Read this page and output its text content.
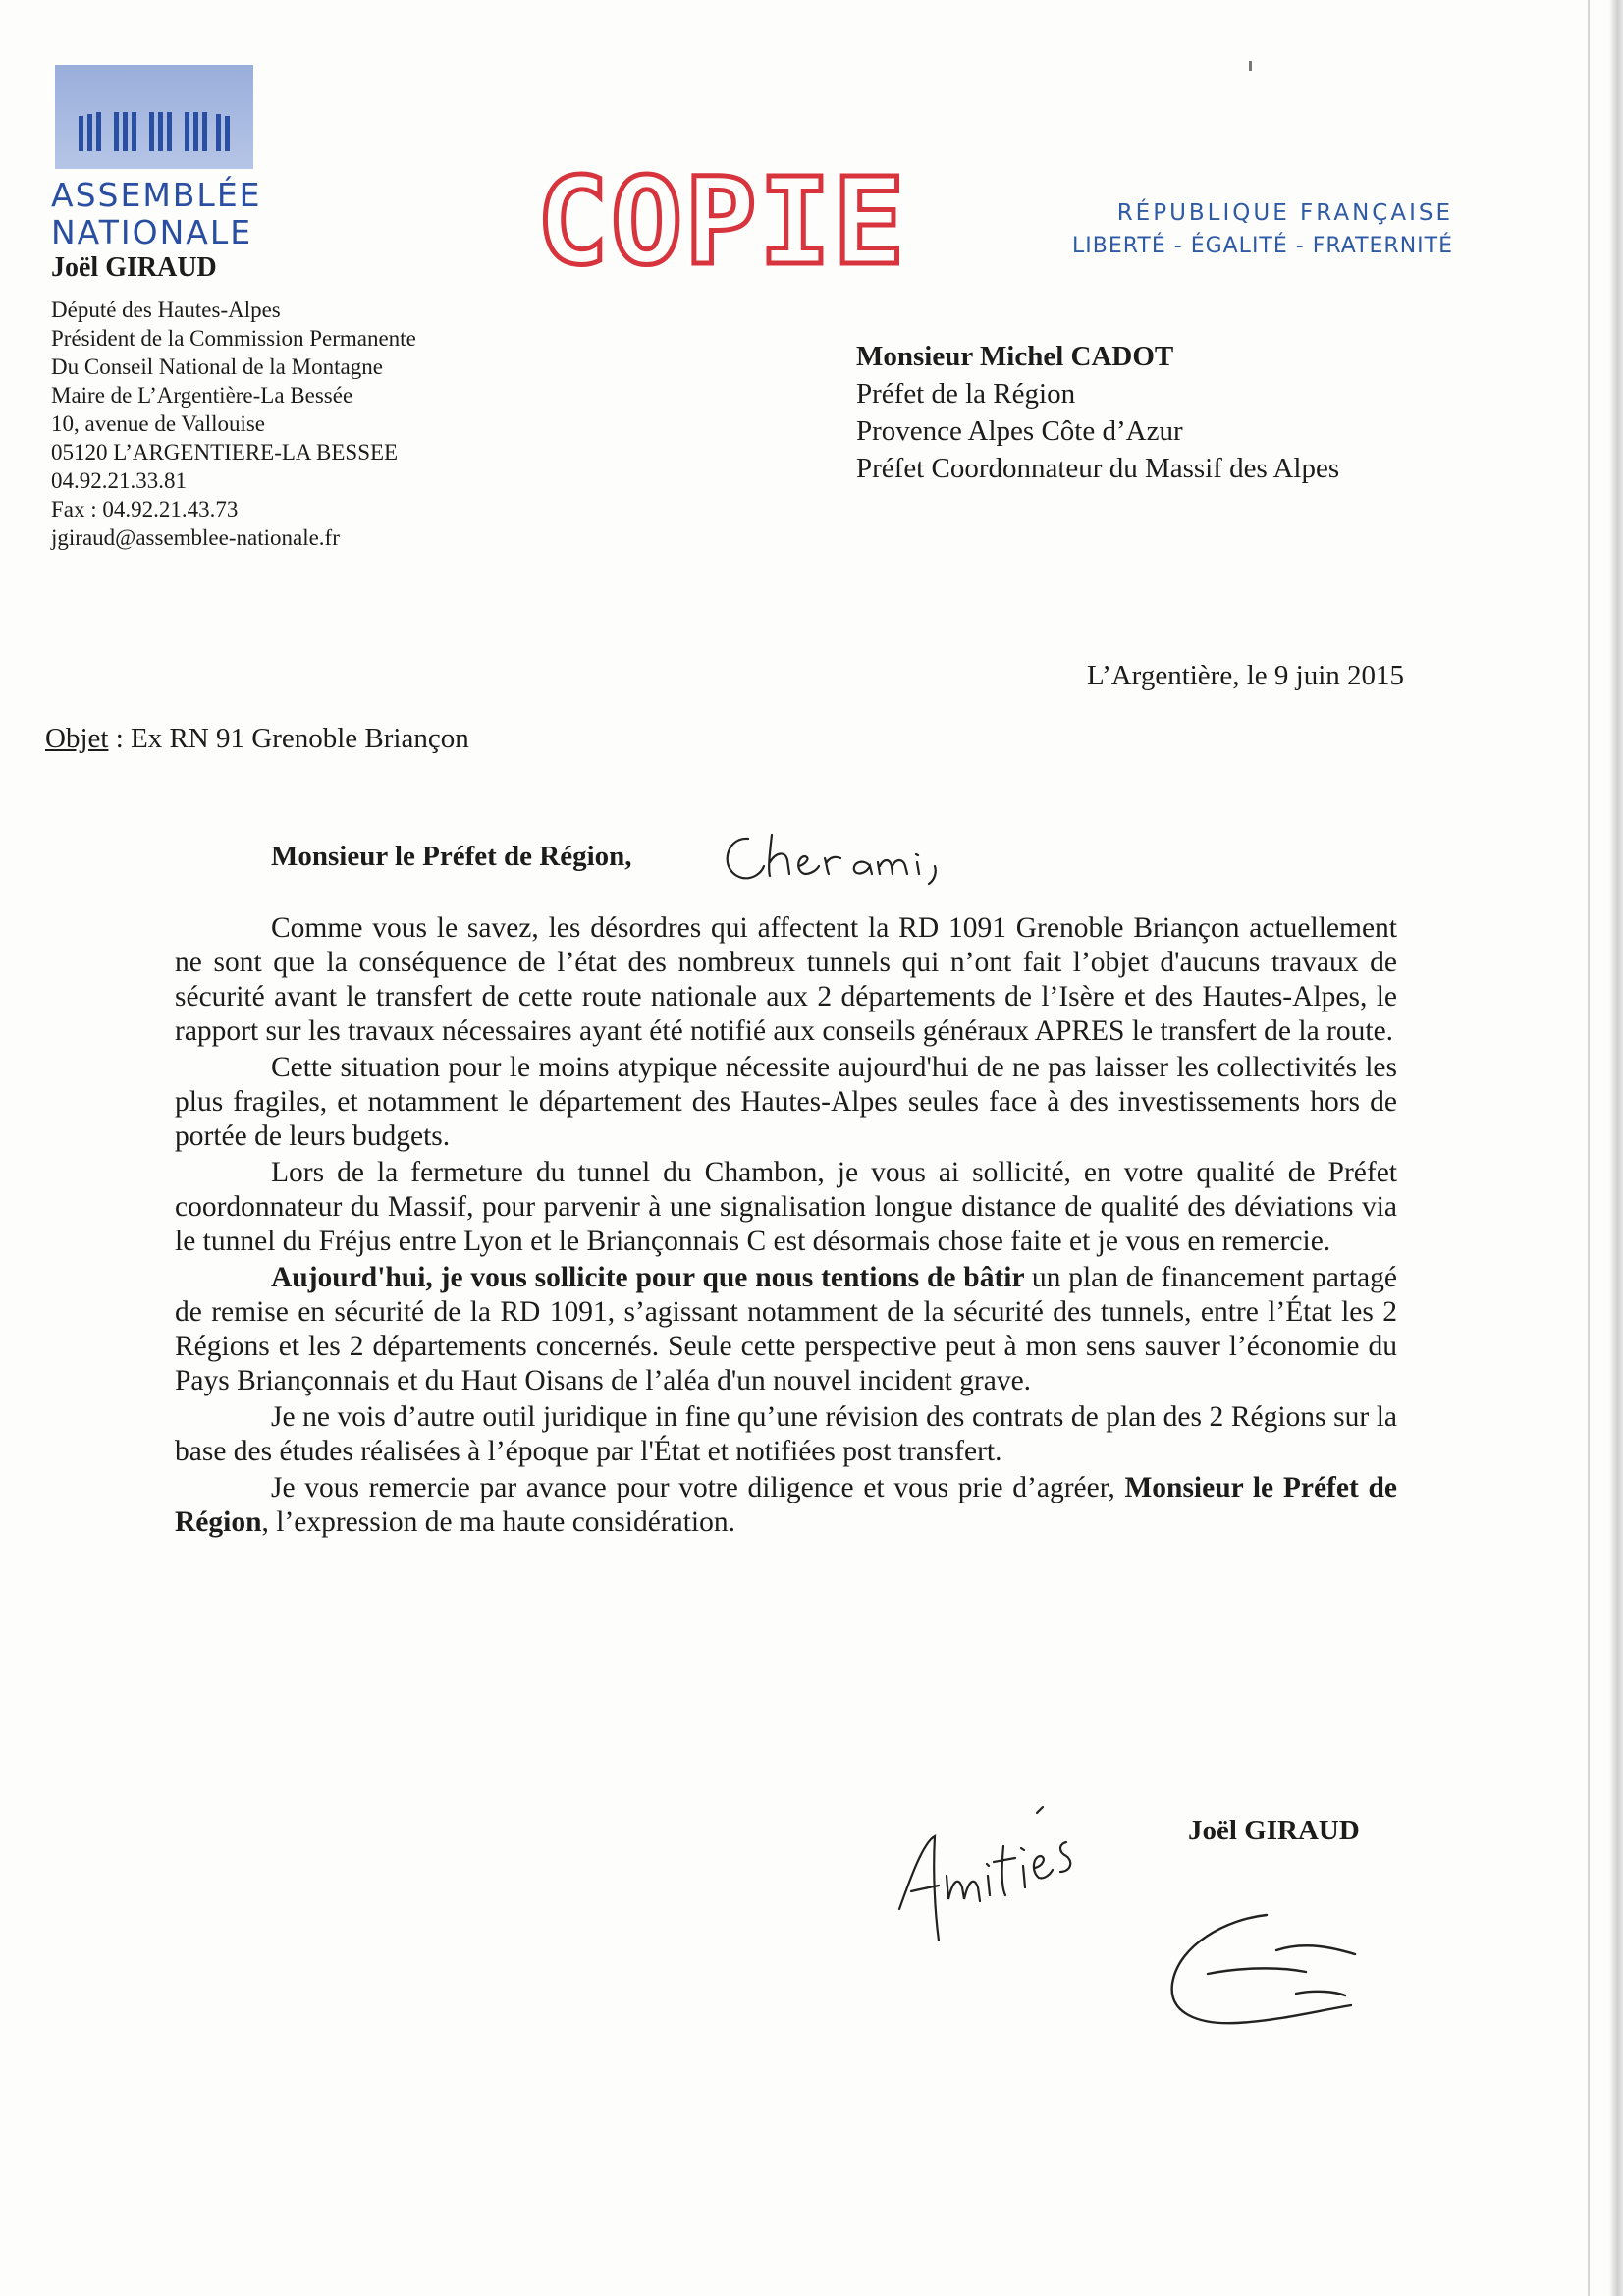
ASSEMBLÉE
NATIONALE COPIE	RÉPUBLIQUE FRANÇAISE
LIBERTÉ - ÉGALITÉ - FRATERNITÉ
Joël GIRAUD
Député des Hautes-Alpes
Président de la Commission Permanente
Du Conseil National de la Montagne
Maire de L’Argentière-La Bessée
10, avenue de Vallouise
05120 L’ARGENTIERE-LA BESSEE
04.92.21.33.81
Fax : 04.92.21.43.73
jgiraud@assemblee-nationale.fr
Monsieur Michel CADOT
Préfet de la Région
Provence Alpes Côte d’Azur
Préfet Coordonnateur du Massif des Alpes
L’Argentière, le 9 juin 2015
Objet : Ex RN 91 Grenoble Briançon
Monsieur le Préfet de Région,

Comme vous le savez, les désordres qui affectent la RD 1091 Grenoble Briançon actuellement ne sont que la conséquence de l’état des nombreux tunnels qui n’ont fait l’objet d'aucuns travaux de sécurité avant le transfert de cette route nationale aux 2 départements de l’Isère et des Hautes-Alpes, le rapport sur les travaux nécessaires ayant été notifié aux conseils généraux APRES le transfert de la route.

Cette situation pour le moins atypique nécessite aujourd'hui de ne pas laisser les collectivités les plus fragiles, et notamment le département des Hautes-Alpes seules face à des investissements hors de portée de leurs budgets.

Lors de la fermeture du tunnel du Chambon, je vous ai sollicité, en votre qualité de Préfet coordonnateur du Massif, pour parvenir à une signalisation longue distance de qualité des déviations via le tunnel du Fréjus entre Lyon et le Briançonnais C est désormais chose faite et je vous en remercie.

Aujourd'hui, je vous sollicite pour que nous tentions de bâtir un plan de financement partagé de remise en sécurité de la RD 1091, s’agissant notamment de la sécurité des tunnels, entre l’État les 2 Régions et les 2 départements concernés. Seule cette perspective peut à mon sens sauver l’économie du Pays Briançonnais et du Haut Oisans de l’aléa d'un nouvel incident grave.

Je ne vois d’autre outil juridique in fine qu’une révision des contrats de plan des 2 Régions sur la base des études réalisées à l’époque par l'État et notifiées post transfert.

Je vous remercie par avance pour votre diligence et vous prie d’agréer, Monsieur le Préfet de Région, l’expression de ma haute considération.

Joël GIRAUD
